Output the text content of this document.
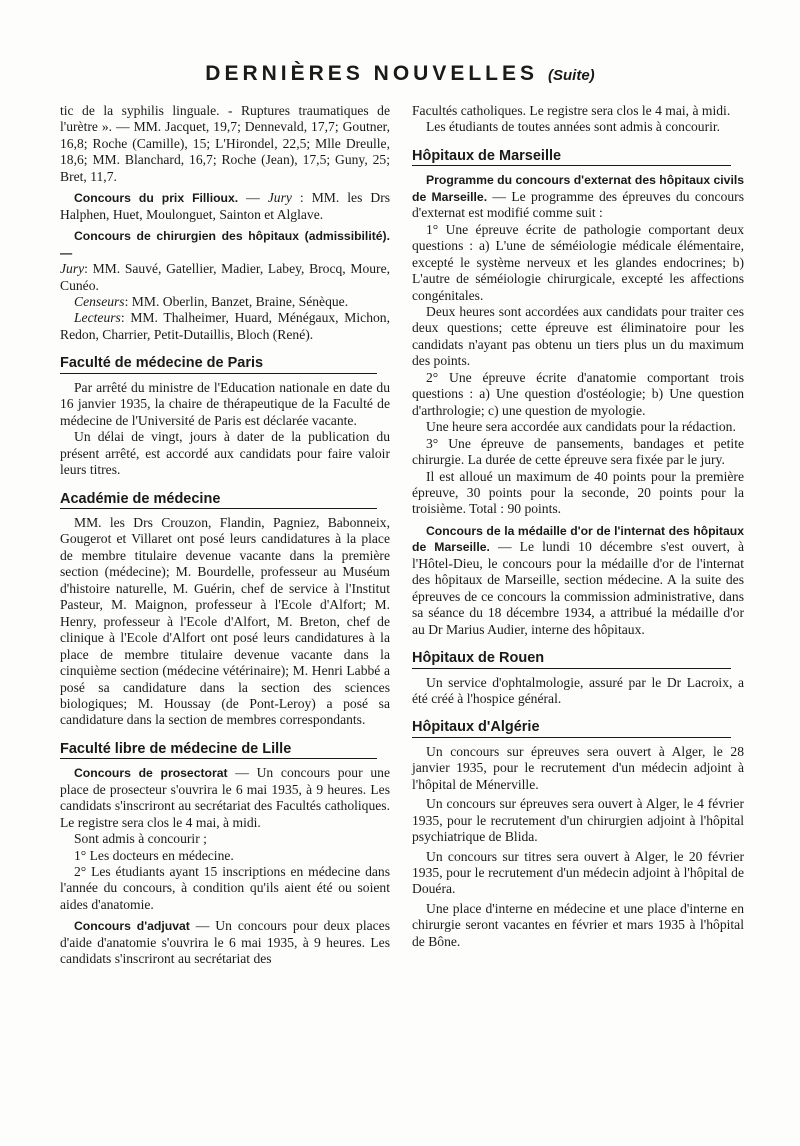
DERNIÈRES NOUVELLES (Suite)

tic de la syphilis linguale. - Ruptures traumatiques de l'urètre ». — MM. Jacquet, 19,7; Dennevald, 17,7; Goutner, 16,8; Roche (Camille), 15; L'Hirondel, 22,5; Mlle Dreulle, 18,6; MM. Blanchard, 16,7; Roche (Jean), 17,5; Guny, 25; Bret, 11,7.

Concours du prix Fillioux. — Jury : MM. les Drs Halphen, Huet, Moulonguet, Sainton et Alglave.

Concours de chirurgien des hôpitaux (admissibilité).—

Jury: MM. Sauvé, Gatellier, Madier, Labey, Brocq, Moure, Cunéo.

Censeurs: MM. Oberlin, Banzet, Braine, Sénèque.

Lecteurs: MM. Thalheimer, Huard, Ménégaux, Michon, Redon, Charrier, Petit-Dutaillis, Bloch (René).

Faculté de médecine de Paris

Par arrêté du ministre de l'Education nationale en date du 16 janvier 1935, la chaire de thérapeutique de la Faculté de médecine de l'Université de Paris est déclarée vacante.

Un délai de vingt, jours à dater de la publication du présent arrêté, est accordé aux candidats pour faire valoir leurs titres.

Académie de médecine

MM. les Drs Crouzon, Flandin, Pagniez, Babonneix, Gougerot et Villaret ont posé leurs candidatures à la place de membre titulaire devenue vacante dans la première section (médecine); M. Bourdelle, professeur au Muséum d'histoire naturelle, M. Guérin, chef de service à l'Institut Pasteur, M. Maignon, professeur à l'Ecole d'Alfort; M. Henry, professeur à l'Ecole d'Alfort, M. Breton, chef de clinique à l'Ecole d'Alfort ont posé leurs candidatures à la place de membre titulaire devenue vacante dans la cinquième section (médecine vétérinaire); M. Henri Labbé a posé sa candidature dans la section des sciences biologiques; M. Houssay (de Pont-Leroy) a posé sa candidature dans la section de membres correspondants.

Faculté libre de médecine de Lille

Concours de prosectorat — Un concours pour une place de prosecteur s'ouvrira le 6 mai 1935, à 9 heures. Les candidats s'inscriront au secrétariat des Facultés catholiques. Le registre sera clos le 4 mai, à midi.

Sont admis à concourir ;

1° Les docteurs en médecine.

2° Les étudiants ayant 15 inscriptions en médecine dans l'année du concours, à condition qu'ils aient été ou soient aides d'anatomie.

Concours d'adjuvat — Un concours pour deux places d'aide d'anatomie s'ouvrira le 6 mai 1935, à 9 heures. Les candidats s'inscriront au secrétariat des

Facultés catholiques. Le registre sera clos le 4 mai, à midi.

Les étudiants de toutes années sont admis à concourir.

Hôpitaux de Marseille

Programme du concours d'externat des hôpitaux civils de Marseille. — Le programme des épreuves du concours d'externat est modifié comme suit :

1° Une épreuve écrite de pathologie comportant deux questions : a) L'une de séméiologie médicale élémentaire, excepté le système nerveux et les glandes endocrines; b) L'autre de séméiologie chirurgicale, excepté les affections congénitales.

Deux heures sont accordées aux candidats pour traiter ces deux questions; cette épreuve est éliminatoire pour les candidats n'ayant pas obtenu un tiers plus un du maximum des points.

2° Une épreuve écrite d'anatomie comportant trois questions : a) Une question d'ostéologie; b) Une question d'arthrologie; c) une question de myologie.

Une heure sera accordée aux candidats pour la rédaction.

3° Une épreuve de pansements, bandages et petite chirurgie. La durée de cette épreuve sera fixée par le jury.

Il est alloué un maximum de 40 points pour la première épreuve, 30 points pour la seconde, 20 points pour la troisième. Total : 90 points.

Concours de la médaille d'or de l'internat des hôpitaux de Marseille. — Le lundi 10 décembre s'est ouvert, à l'Hôtel-Dieu, le concours pour la médaille d'or de l'internat des hôpitaux de Marseille, section médecine. A la suite des épreuves de ce concours la commission administrative, dans sa séance du 18 décembre 1934, a attribué la médaille d'or au Dr Marius Audier, interne des hôpitaux.

Hôpitaux de Rouen

Un service d'ophtalmologie, assuré par le Dr Lacroix, a été créé à l'hospice général.

Hôpitaux d'Algérie

Un concours sur épreuves sera ouvert à Alger, le 28 janvier 1935, pour le recrutement d'un médecin adjoint à l'hôpital de Ménerville.

Un concours sur épreuves sera ouvert à Alger, le 4 février 1935, pour le recrutement d'un chirurgien adjoint à l'hôpital psychiatrique de Blida.

Un concours sur titres sera ouvert à Alger, le 20 février 1935, pour le recrutement d'un médecin adjoint à l'hôpital de Douéra.

Une place d'interne en médecine et une place d'interne en chirurgie seront vacantes en février et mars 1935 à l'hôpital de Bône.
